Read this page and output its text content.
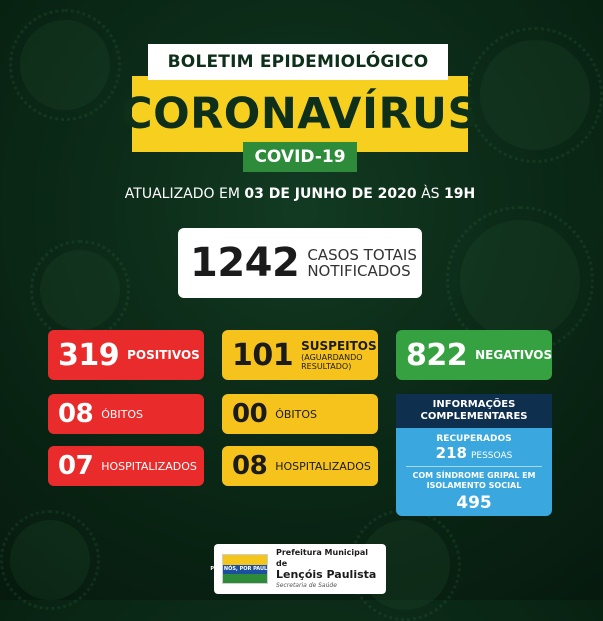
CORONAVÍRUS
BOLETIM EPIDEMIOLÓGICO
COVID-19
ATUALIZADO EM 03 DE JUNHO DE 2020 ÀS 19H
1242 CASOS TOTAIS
NOTIFICADOS
319 POSITIVOS
08 ÓBITOS
07 HOSPITALIZADOS
101 SUSPEITOS
(AGUARDANDO
RESULTADO)
00 ÓBITOS
08 HOSPITALIZADOS
822 NEGATIVOS
INFORMAÇÕES
COMPLEMENTARES
RECUPERADOS
218 PESSOAS
COM SÍNDROME GRIPAL EM
ISOLAMENTO SOCIAL
495
POR NÓS, POR PAULISTA
Prefeitura Municipal de
Lençóis Paulista
Secretaria de Saúde
